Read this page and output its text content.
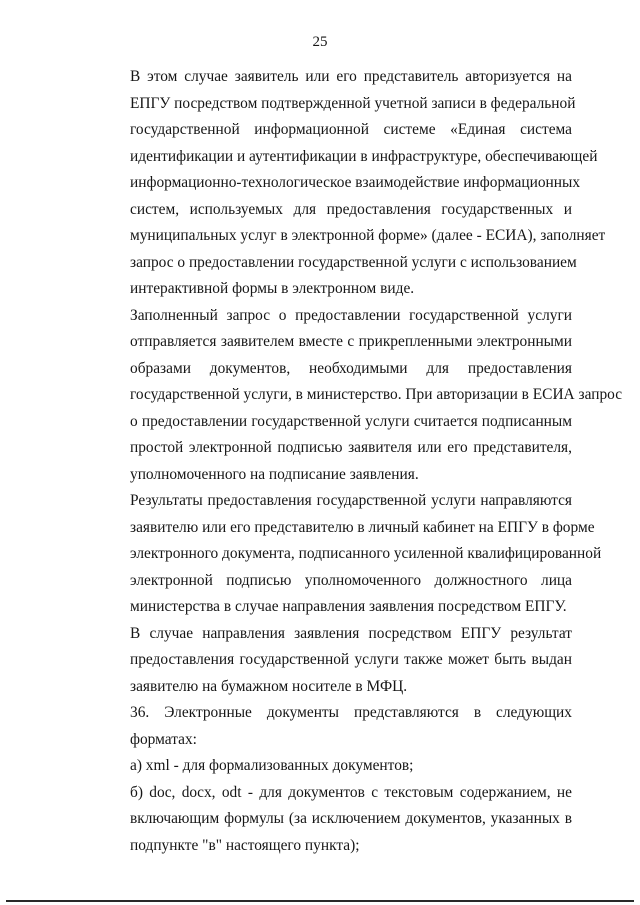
25
В этом случае заявитель или его представитель авторизуется на
ЕПГУ посредством подтвержденной учетной записи в федеральной
государственной информационной системе «Единая система
идентификации и аутентификации в инфраструктуре, обеспечивающей
информационно-технологическое взаимодействие информационных
систем, используемых для предоставления государственных и
муниципальных услуг в электронной форме» (далее - ЕСИА), заполняет
запрос о предоставлении государственной услуги с использованием
интерактивной формы в электронном виде.
Заполненный запрос о предоставлении государственной услуги
отправляется заявителем вместе с прикрепленными электронными
образами документов, необходимыми для предоставления
государственной услуги, в министерство. При авторизации в ЕСИА запрос
о предоставлении государственной услуги считается подписанным
простой электронной подписью заявителя или его представителя,
уполномоченного на подписание заявления.
Результаты предоставления государственной услуги направляются
заявителю или его представителю в личный кабинет на ЕПГУ в форме
электронного документа, подписанного усиленной квалифицированной
электронной подписью уполномоченного должностного лица
министерства в случае направления заявления посредством ЕПГУ.
В случае направления заявления посредством ЕПГУ результат
предоставления государственной услуги также может быть выдан
заявителю на бумажном носителе в МФЦ.
36. Электронные документы представляются в следующих
форматах:
а) xml - для формализованных документов;
б) doc, docx, odt - для документов с текстовым содержанием, не
включающим формулы (за исключением документов, указанных в
подпункте "в" настоящего пункта);
